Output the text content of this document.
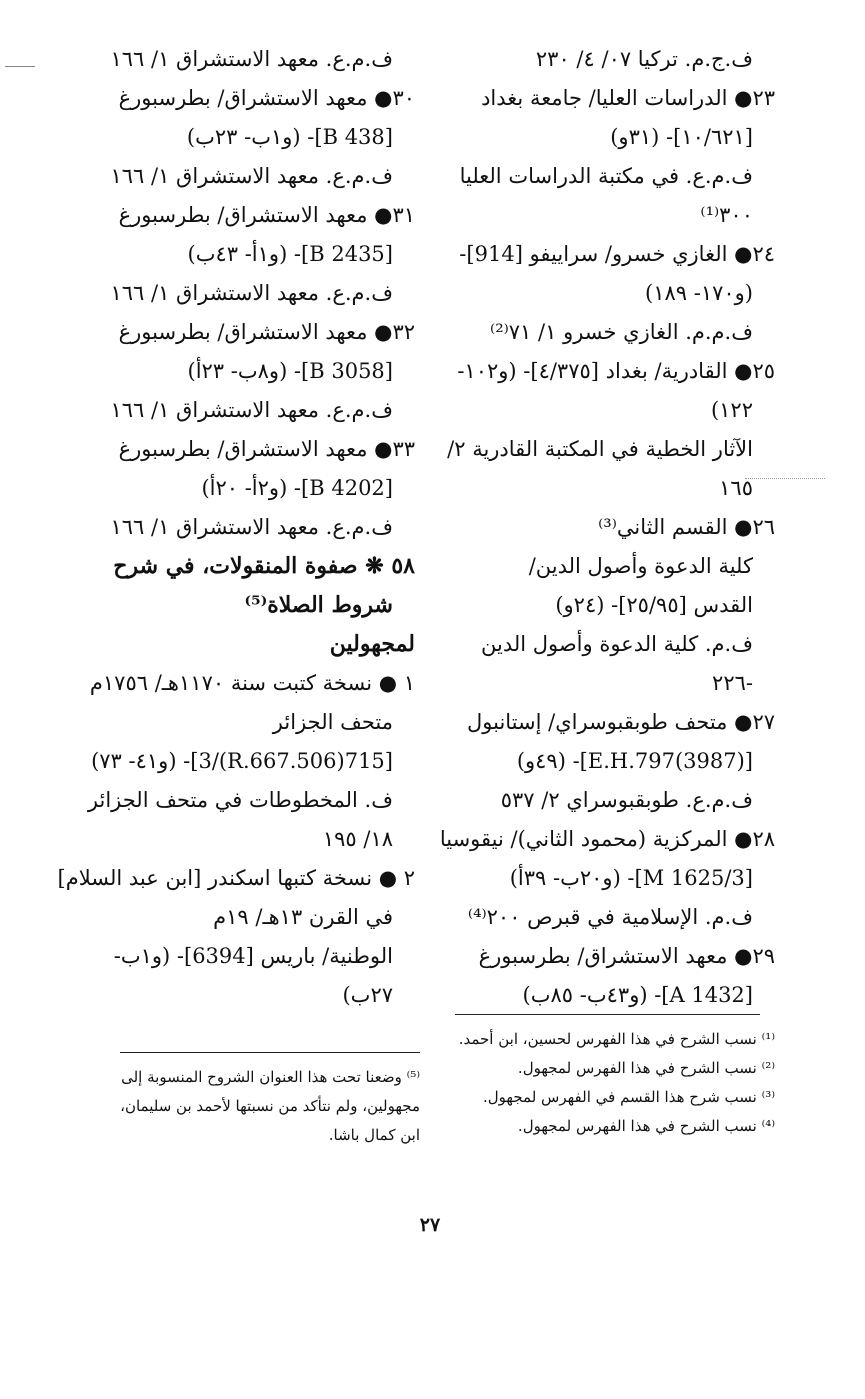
ف.ج.م. تركيا ٠٧/ ٤/ ٢٣٠
٢٣● الدراسات العليا/ جامعة بغداد
[١٠/٦٢١]- (٣١و)
ف.م.ع. في مكتبة الدراسات العليا
٣٠٠⁽¹⁾
٢٤● الغازي خسرو/ سراييفو [914]-
(و١٧٠- ١٨٩)
ف.م.م. الغازي خسرو ١/ ٧١⁽²⁾
٢٥● القادرية/ بغداد [٤/٣٧٥]- (و١٠٢-
١٢٢)
الآثار الخطية في المكتبة القادرية ٢/
١٦٥
٢٦● القسم الثاني⁽³⁾
كلية الدعوة وأصول الدين/
القدس [٢٥/٩٥]- (٢٤و)
ف.م. كلية الدعوة وأصول الدين
-٢٢٦
٢٧● متحف طوبقبوسراي/ إستانبول
[E.H.797(3987)]- (٤٩و)
ف.م.ع. طوبقبوسراي ٢/ ٥٣٧
٢٨● المركزية (محمود الثاني)/ نيقوسيا
[M 1625/3]- (و٢٠ب- ٣٩أ)
ف.م. الإسلامية في قبرص ٢٠٠⁽⁴⁾
٢٩● معهد الاستشراق/ بطرسبورغ
[A 1432]- (و٤٣ب- ٨٥ب)
ف.م.ع. معهد الاستشراق ١/ ١٦٦
٣٠● معهد الاستشراق/ بطرسبورغ
[B 438]- (و١ب- ٢٣ب)
ف.م.ع. معهد الاستشراق ١/ ١٦٦
٣١● معهد الاستشراق/ بطرسبورغ
[B 2435]- (و١أ- ٤٣ب)
ف.م.ع. معهد الاستشراق ١/ ١٦٦
٣٢● معهد الاستشراق/ بطرسبورغ
[B 3058]- (و٨ب- ٢٣أ)
ف.م.ع. معهد الاستشراق ١/ ١٦٦
٣٣● معهد الاستشراق/ بطرسبورغ
[B 4202]- (و٢أ- ٢٠أ)
ف.م.ع. معهد الاستشراق ١/ ١٦٦
٥٨ ❋ صفوة المنقولات، في شرح
شروط الصلاة⁽⁵⁾
لمجهولين
١ ● نسخة كتبت سنة ١١٧٠هـ/ ١٧٥٦م
متحف الجزائر
[715(506.R.667)/3]- (و٤١- ٧٣)
ف. المخطوطات في متحف الجزائر
١٨/ ١٩٥
٢ ● نسخة كتبها اسكندر [ابن عبد السلام]
في القرن ١٣هـ/ ١٩م
الوطنية/ باريس [6394]- (و١ب-
٢٧ب)
⁽¹⁾ نسب الشرح في هذا الفهرس لحسين، ابن أحمد.
⁽²⁾ نسب الشرح في هذا الفهرس لمجهول.
⁽³⁾ نسب شرح هذا القسم في الفهرس لمجهول.
⁽⁴⁾ نسب الشرح في هذا الفهرس لمجهول.
⁽⁵⁾ وضعنا تحت هذا العنوان الشروح المنسوبة إلى مجهولين، ولم نتأكد من نسبتها لأحمد بن سليمان، ابن كمال باشا.
٢٧
